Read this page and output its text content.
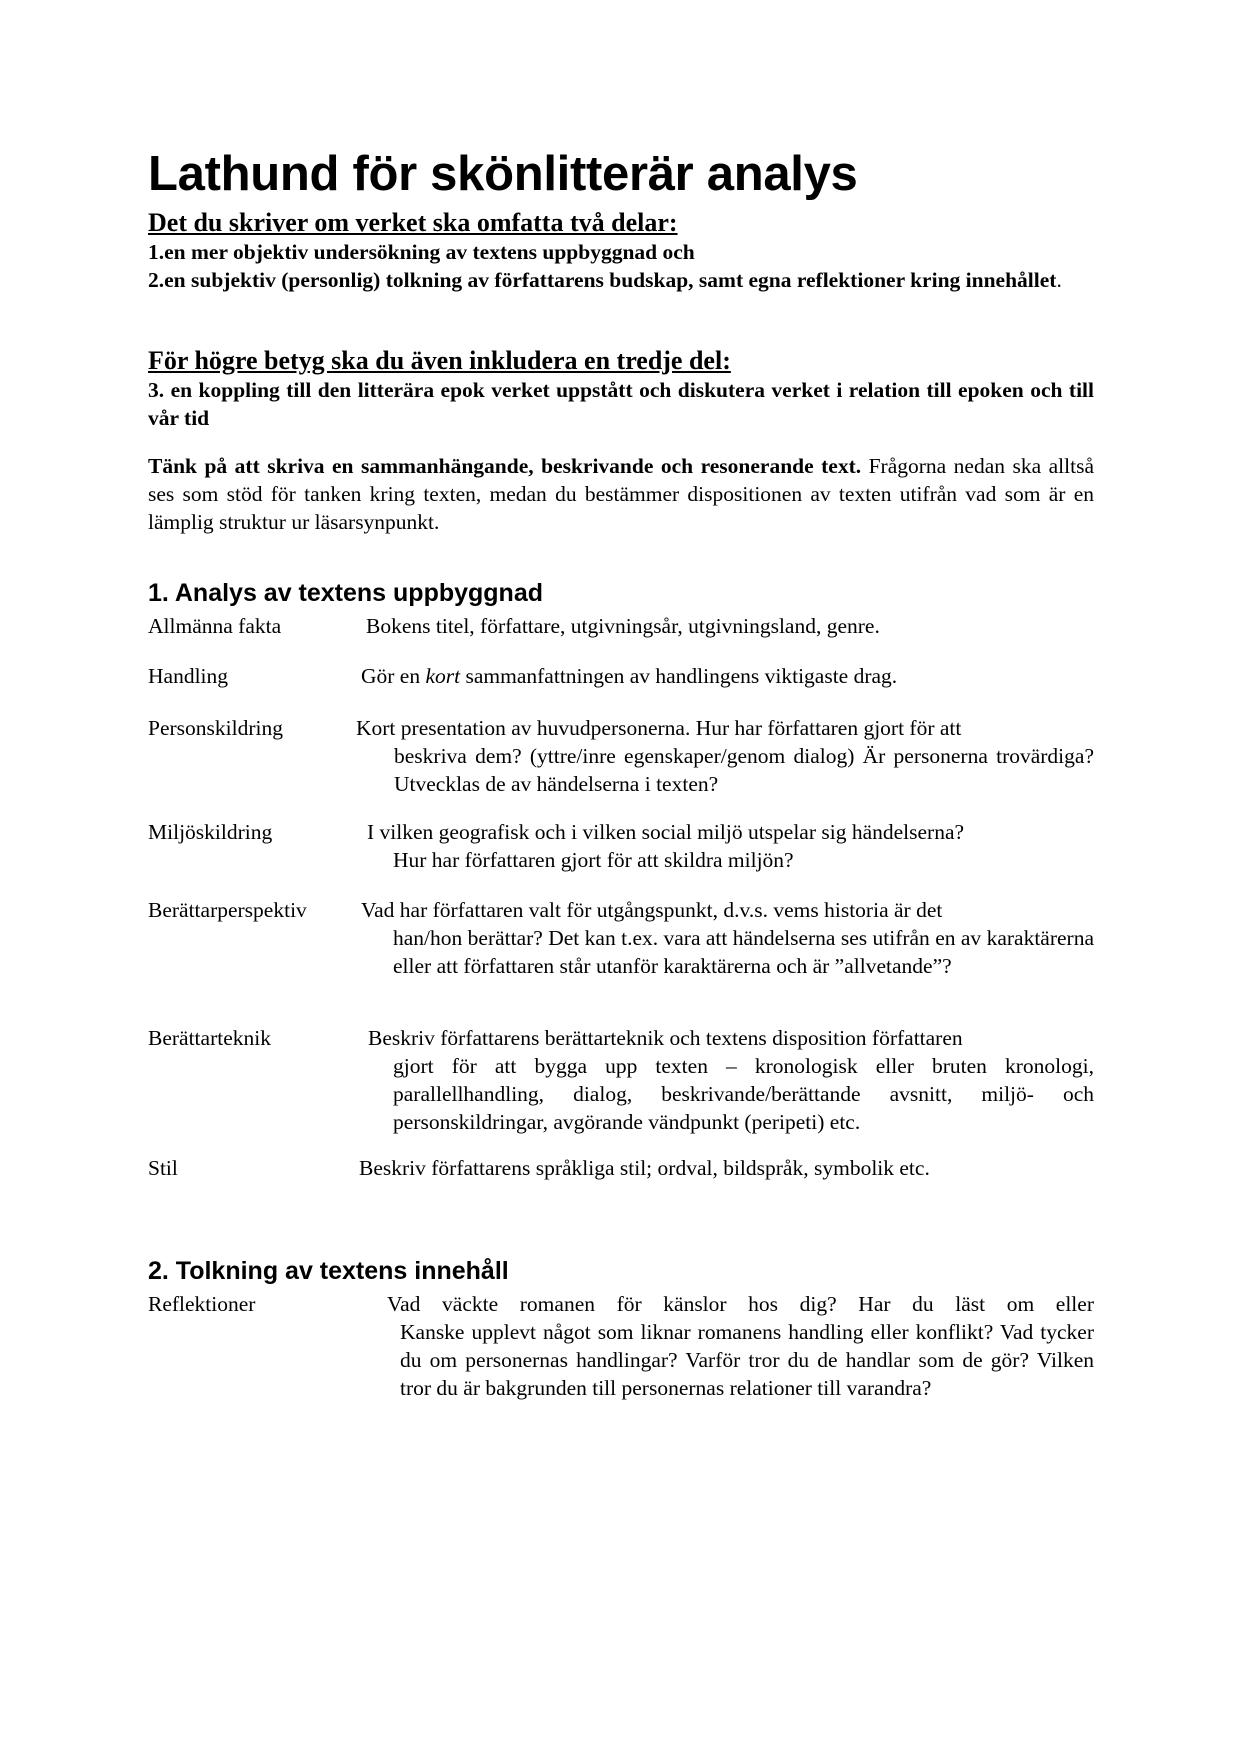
Lathund för skönlitterär analys
Det du skriver om verket ska omfatta två delar:
1.en mer objektiv undersökning av textens uppbyggnad och
2.en subjektiv (personlig) tolkning av författarens budskap, samt egna reflektioner kring innehållet.
För högre betyg ska du även inkludera en tredje del:
3. en koppling till den litterära epok verket uppstått och diskutera verket i relation till epoken och till vår tid
Tänk på att skriva en sammanhängande, beskrivande och resonerande text. Frågorna nedan ska alltså ses som stöd för tanken kring texten, medan du bestämmer dispositionen av texten utifrån vad som är en lämplig struktur ur läsarsynpunkt.
1. Analys av textens uppbyggnad
Allmänna fakta	Bokens titel, författare, utgivningsår, utgivningsland, genre.
Handling	Gör en kort sammanfattningen av handlingens viktigaste drag.
Personskildring	Kort presentation av huvudpersonerna. Hur har författaren gjort för att
beskriva dem? (yttre/inre egenskaper/genom dialog) Är personerna trovärdiga? Utvecklas de av händelserna i texten?
Miljöskildring	I vilken geografisk och i vilken social miljö utspelar sig händelserna?
Hur har författaren gjort för att skildra miljön?
Berättarperspektiv	Vad har författaren valt för utgångspunkt, d.v.s. vems historia är det
han/hon berättar? Det kan t.ex. vara att händelserna ses utifrån en av karaktärerna eller att författaren står utanför karaktärerna och är ”allvetande”?
Berättarteknik	Beskriv författarens berättarteknik och textens disposition författaren
gjort för att bygga upp texten – kronologisk eller bruten kronologi, parallellhandling, dialog, beskrivande/berättande avsnitt, miljö- och personskildringar, avgörande vändpunkt (peripeti) etc.
Stil	Beskriv författarens språkliga stil; ordval, bildspråk, symbolik etc.
2. Tolkning av textens innehåll
Reflektioner	Vad väckte romanen för känslor hos dig? Har du läst om eller
Kanske upplevt något som liknar romanens handling eller konflikt? Vad tycker du om personernas handlingar? Varför tror du de handlar som de gör? Vilken tror du är bakgrunden till personernas relationer till varandra?
